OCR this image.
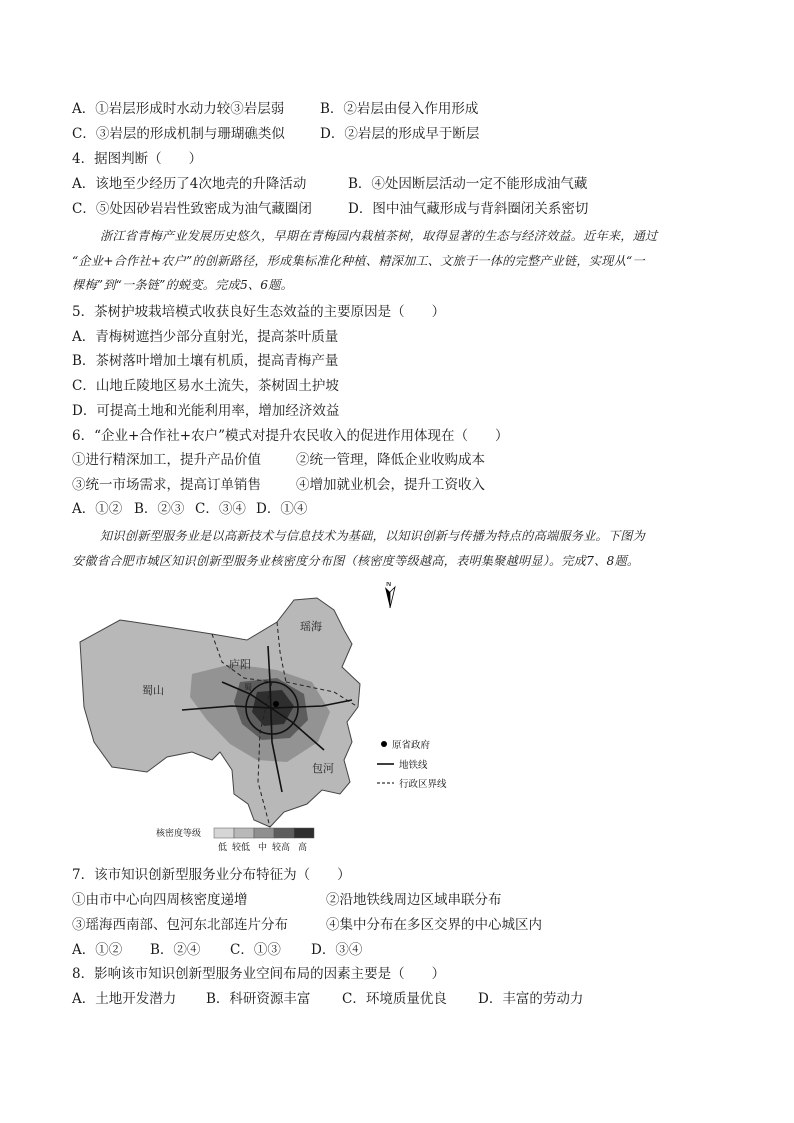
A．①岩层形成时水动力较③岩层弱	B．②岩层由侵入作用形成
C．③岩层的形成机制与珊瑚礁类似	D．②岩层的形成早于断层
4．据图判断（　　）
A．该地至少经历了4次地壳的升降活动	B．④处因断层活动一定不能形成油气藏
C．⑤处因砂岩岩性致密成为油气藏圈闭	D．图中油气藏形成与背斜圈闭关系密切
浙江省青梅产业发展历史悠久，早期在青梅园内栽植茶树，取得显著的生态与经济效益。近年来，通过
“企业+合作社+农户”的创新路径，形成集标准化种植、精深加工、文旅于一体的完整产业链，实现从“一
棵梅”到“一条链”的蜕变。完成5、6题。
5．茶树护坡栽培模式收获良好生态效益的主要原因是（　　）
A．青梅树遮挡少部分直射光，提高茶叶质量
B．茶树落叶增加土壤有机质，提高青梅产量
C．山地丘陵地区易水土流失，茶树固土护坡
D．可提高土地和光能利用率，增加经济效益
6．“企业+合作社+农户”模式对提升农民收入的促进作用体现在（　　）
①进行精深加工，提升产品价值	②统一管理，降低企业收购成本
③统一市场需求，提高订单销售	④增加就业机会，提升工资收入
A．①② B．②③ C．③④ D．①④
知识创新型服务业是以高新技术与信息技术为基础，以知识创新与传播为特点的高端服务业。下图为
安徽省合肥市城区知识创新型服务业核密度分布图（核密度等级越高，表明集聚越明显）。完成7、8题。
瑶海
庐阳
蜀山
包河
蜀
N
原省政府
地铁线
行政区界线
核密度等级
低 较低 中 较高 高
7．该市知识创新型服务业分布特征为（　　）
①由市中心向四周核密度递增	②沿地铁线周边区域串联分布
③瑶海西南部、包河东北部连片分布	④集中分布在多区交界的中心城区内
A．①② B．②④ C．①③ D．③④
8．影响该市知识创新型服务业空间布局的因素主要是（　　）
A．土地开发潜力 B．科研资源丰富 C．环境质量优良 D．丰富的劳动力
